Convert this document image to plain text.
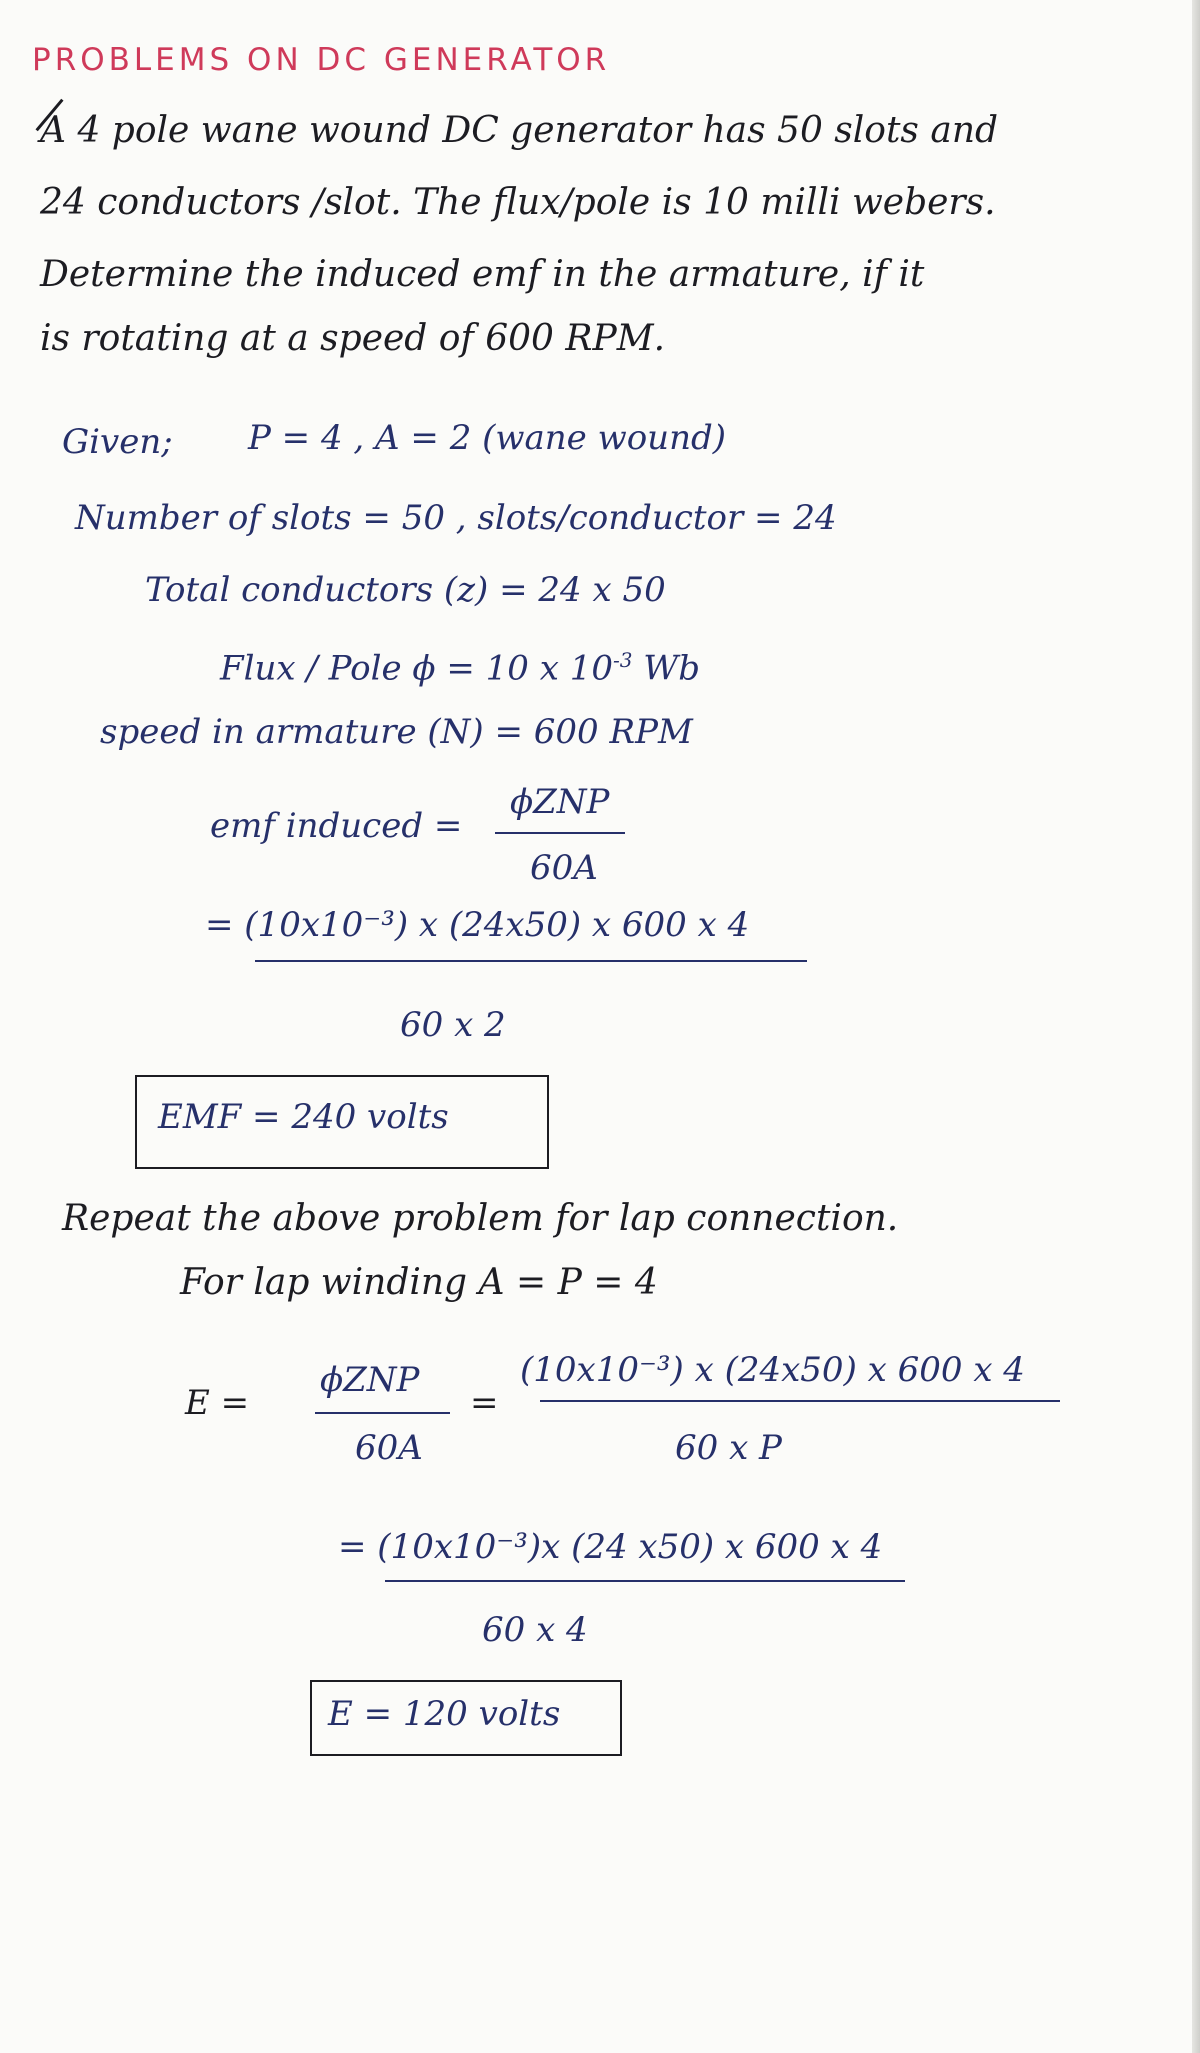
PROBLEMS ON DC GENERATOR
A 4 pole wane wound DC generator has 50 slots and
24 conductors /slot. The flux/pole is 10 milli webers.
Determine the induced emf in the armature, if it
is rotating at a speed of 600 RPM.
Given; P = 4 , A = 2 (wane wound)
Number of slots = 50 , slots/conductor = 24
Total conductors (z) = 24 x 50
Flux / Pole ϕ = 10 x $10^{-3}$ Wb
speed in armature (N) = 600 RPM
emf induced =
ϕZNP
60A
= (10x10⁻³) x (24x50) x 600 x 4
60 x 2
EMF = 240 volts
Repeat the above problem for lap connection.
For lap winding A = P = 4
E =
ϕZNP
60A
=
(10x10⁻³) x (24x50) x 600 x 4
60 x P
= (10x10⁻³)x (24 x50) x 600 x 4
60 x 4
E = 120 volts
